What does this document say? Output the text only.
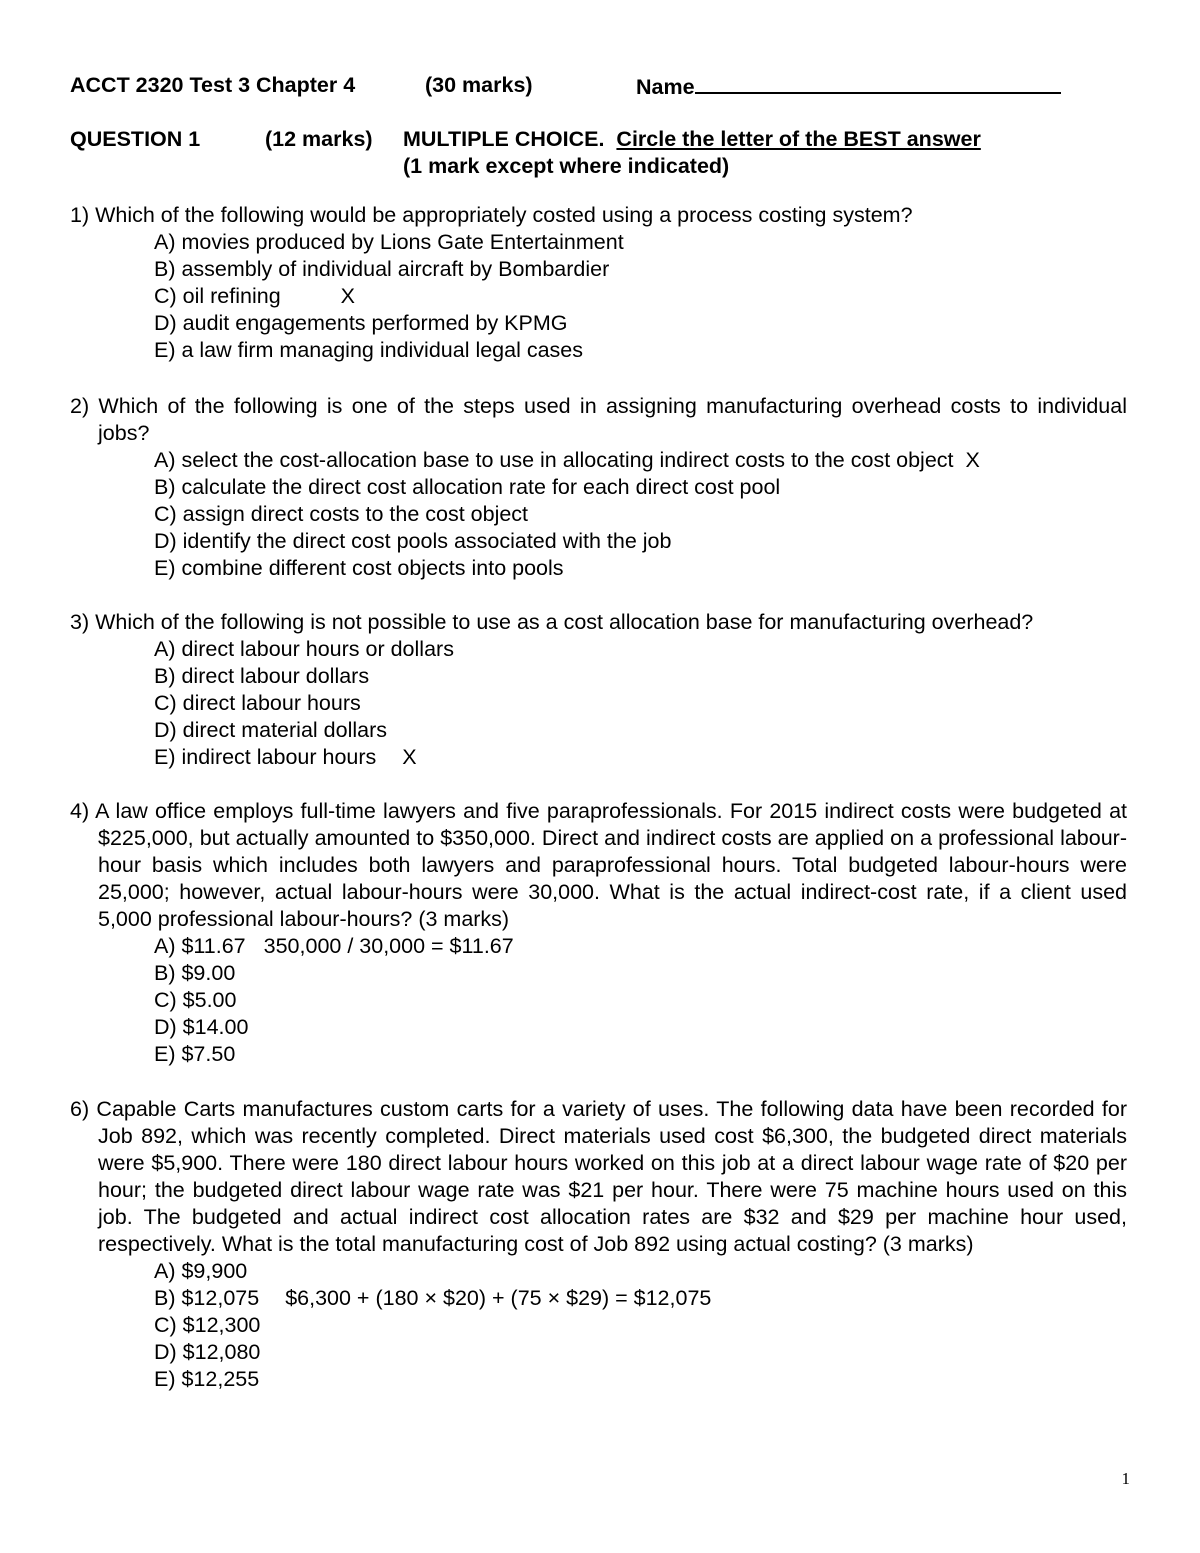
ACCT 2320 Test 3 Chapter 4	(30 marks)	Name
QUESTION 1	(12 marks) MULTIPLE CHOICE. Circle the letter of the BEST answer
(1 mark except where indicated)
1) Which of the following would be appropriately costed using a process costing system?
A) movies produced by Lions Gate Entertainment
B) assembly of individual aircraft by Bombardier
C) oil refining	X
D) audit engagements performed by KPMG
E) a law firm managing individual legal cases
2) Which of the following is one of the steps used in assigning manufacturing overhead costs to individual jobs?
A) select the cost-allocation base to use in allocating indirect costs to the cost object X
B) calculate the direct cost allocation rate for each direct cost pool
C) assign direct costs to the cost object
D) identify the direct cost pools associated with the job
E) combine different cost objects into pools
3) Which of the following is not possible to use as a cost allocation base for manufacturing overhead?
A) direct labour hours or dollars
B) direct labour dollars
C) direct labour hours
D) direct material dollars
E) indirect labour hours X
4) A law office employs full-time lawyers and five paraprofessionals. For 2015 indirect costs were budgeted at $225,000, but actually amounted to $350,000. Direct and indirect costs are applied on a professional labour-hour basis which includes both lawyers and paraprofessional hours. Total budgeted labour-hours were 25,000; however, actual labour-hours were 30,000. What is the actual indirect-cost rate, if a client used 5,000 professional labour-hours? (3 marks)
A) $11.67 350,000 / 30,000 = $11.67
B) $9.00
C) $5.00
D) $14.00
E) $7.50
6) Capable Carts manufactures custom carts for a variety of uses. The following data have been recorded for Job 892, which was recently completed. Direct materials used cost $6,300, the budgeted direct materials were $5,900. There were 180 direct labour hours worked on this job at a direct labour wage rate of $20 per hour; the budgeted direct labour wage rate was $21 per hour. There were 75 machine hours used on this job. The budgeted and actual indirect cost allocation rates are $32 and $29 per machine hour used, respectively. What is the total manufacturing cost of Job 892 using actual costing? (3 marks)
A) $9,900
B) $12,075 $6,300 + (180 × $20) + (75 × $29) = $12,075
C) $12,300
D) $12,080
E) $12,255
1
